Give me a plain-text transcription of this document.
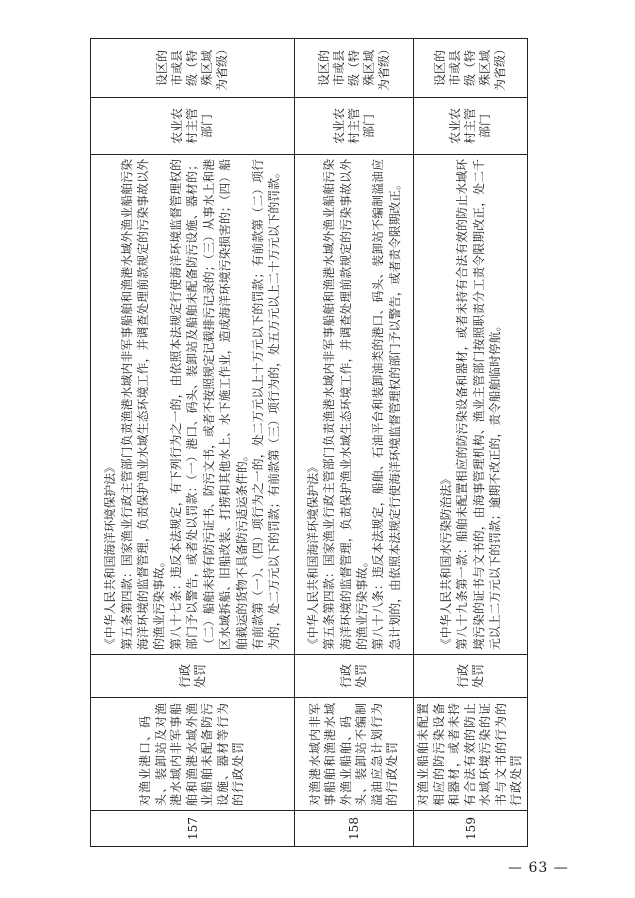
157	对渔业港口、码头、装卸站及对渔港水域内非军事船舶和渔港水域外渔业船舶未配备防污设施、器材等行为的行政处罚	行政处罚	《中华人民共和国海洋环境保护法》 第五条第四款：国家渔业行政主管部门负责渔港水域内非军事船舶和渔港水域外渔业船舶污染海洋环境的监督管理，负责保护渔业水域生态环境工作，并调查处理前款规定的污染事故以外的渔业污染事故。 第八十七条：违反本法规定，有下列行为之一的，由依照本法规定行使海洋环境监督管理权的部门予以警告，或者处以罚款：（一）港口、码头、装卸站及船舶未配备防污设施、器材的；（二）船舶未持有防污证书、防污文书，或者不按照规定记载排污记录的；（三）从事水上和港区水域拆船、旧船改装、打捞和其他水上、水下施工作业，造成海洋环境污染损害的；（四）船舶载运的货物不具备防污适运条件的。 有前款第（一）、（四）项行为之一的，处二万元以上十万元以下的罚款；有前款第（二）项行为的，处二万元以下的罚款；有前款第（三）项行为的，处五万元以上二十万元以下的罚款。	农业农村主管部门	设区的市或县级（特殊区域为省级）
158	对渔港水域内非军事船舶和渔港水域外渔业船舶、码头、装卸站不编制溢油应急计划行为的行政处罚	行政处罚	《中华人民共和国海洋环境保护法》 第五条第四款：国家渔业行政主管部门负责渔港水域内非军事船舶和渔港水域外渔业船舶污染海洋环境的监督管理，负责保护渔业水域生态环境工作，并调查处理前款规定的污染事故以外的渔业污染事故。 第八十八条：违反本法规定，船舶、石油平台和装卸油类的港口、码头、装卸站不编制溢油应急计划的，由依照本法规定行使海洋环境监督管理权的部门予以警告，或者责令限期改正。	农业农村主管部门	设区的市或县级（特殊区域为省级）
159	对渔业船舶未配置相应的防污染设备和器材，或者未持有合法有效的防止水域环境污染的证书与文书的行为的行政处罚	行政处罚	《中华人民共和国水污染防治法》 第八十九条第一款：船舶未配置相应的防污染设备和器材，或者未持有合法有效的防止水域环境污染的证书与文书的，由海事管理机构、渔业主管部门按照职责分工责令限期改正，处二千元以上二万元以下的罚款；逾期不改正的，责令船舶临时停航。	农业农村主管部门	设区的市或县级（特殊区域为省级）
— 63 —
